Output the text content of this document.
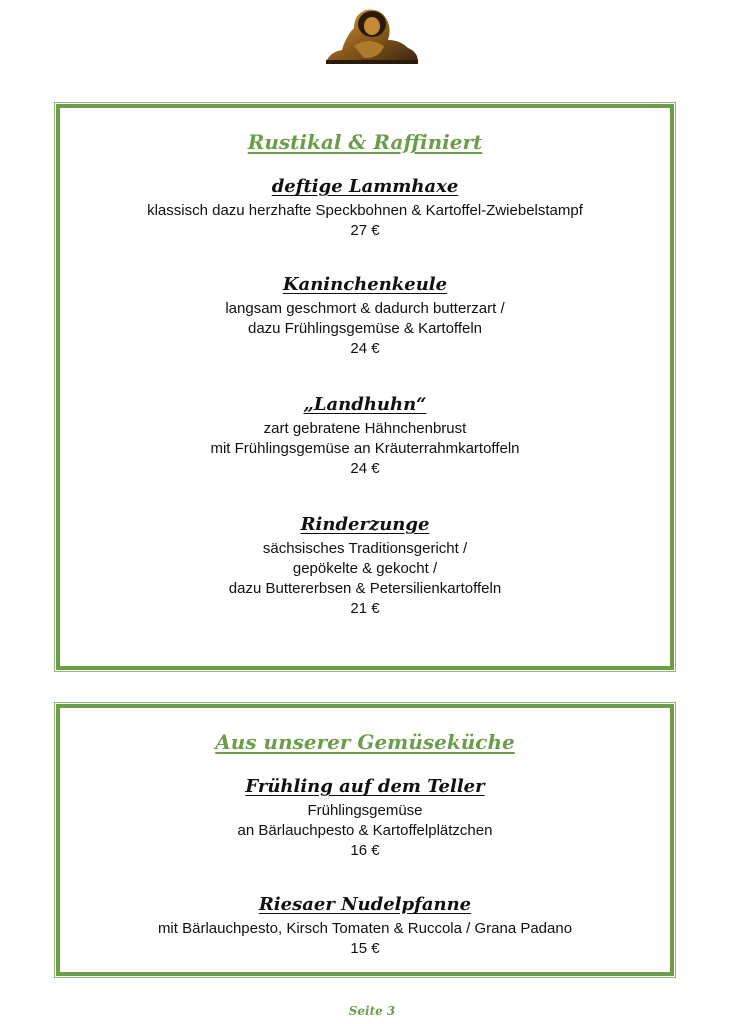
Rustikal & Raffiniert

deftige Lammhaxe

klassisch dazu herzhafte Speckbohnen & Kartoffel-Zwiebelstampf

27 €

Kaninchenkeule

langsam geschmort & dadurch butterzart /

dazu Frühlingsgemüse & Kartoffeln

24 €

„Landhuhn“

zart gebratene Hähnchenbrust

mit Frühlingsgemüse an Kräuterrahmkartoffeln

24 €

Rinderzunge

sächsisches Traditionsgericht /

gepökelte & gekocht /

dazu Buttererbsen & Petersilienkartoffeln

21 €

Aus unserer Gemüseküche

Frühling auf dem Teller

Frühlingsgemüse

an Bärlauchpesto & Kartoffelplätzchen

16 €

Riesaer Nudelpfanne

mit Bärlauchpesto, Kirsch Tomaten & Ruccola / Grana Padano

15 €

Seite 3
